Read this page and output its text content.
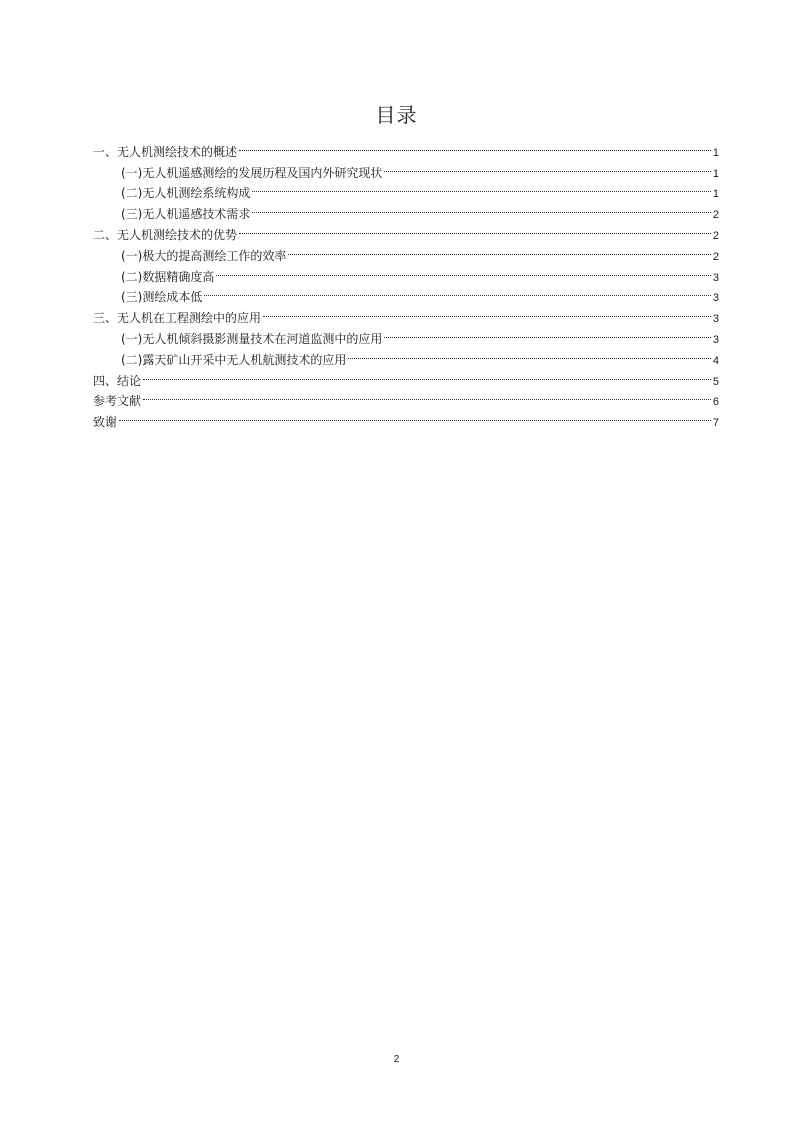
目录
一、无人机测绘技术的概述	1
(一)无人机遥感测绘的发展历程及国内外研究现状	1
(二)无人机测绘系统构成	1
(三)无人机遥感技术需求	2
二、无人机测绘技术的优势	2
(一)极大的提高测绘工作的效率	2
(二)数据精确度高	3
(三)测绘成本低	3
三、无人机在工程测绘中的应用	3
(一)无人机倾斜摄影测量技术在河道监测中的应用	3
(二)露天矿山开采中无人机航测技术的应用	4
四、结论	5
参考文献	6
致谢	7
2
